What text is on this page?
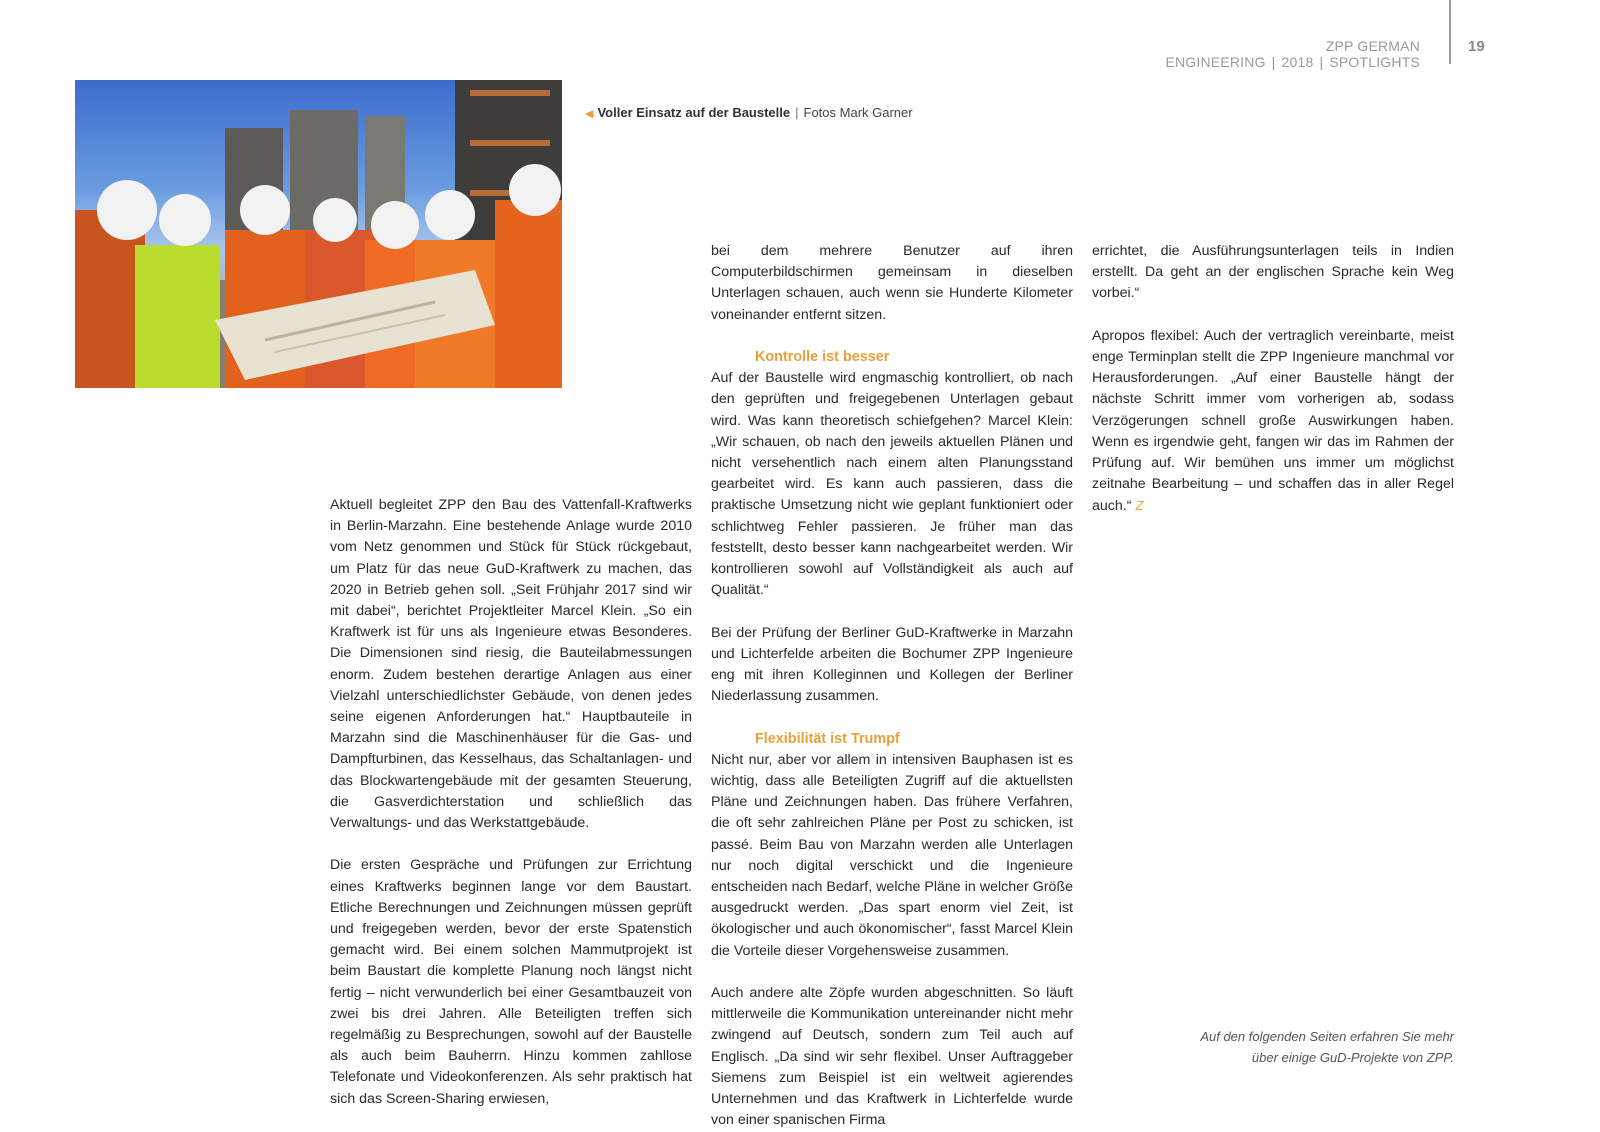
ZPP GERMAN ENGINEERING | 2018 | SPOTLIGHTS
19
◀ Voller Einsatz auf der Baustelle | Fotos Mark Garner

Aktuell begleitet ZPP den Bau des Vattenfall-Kraftwerks in Berlin-Marzahn. Eine bestehende Anlage wurde 2010 vom Netz genommen und Stück für Stück rückgebaut, um Platz für das neue GuD-Kraftwerk zu machen, das 2020 in Betrieb gehen soll. „Seit Frühjahr 2017 sind wir mit dabei“, berichtet Projektleiter Marcel Klein. „So ein Kraftwerk ist für uns als Ingenieure etwas Besonderes. Die Dimensionen sind riesig, die Bauteilabmessungen enorm. Zudem bestehen derartige Anlagen aus einer Vielzahl unterschiedlichster Gebäude, von denen jedes seine eigenen Anforderungen hat.“ Hauptbauteile in Marzahn sind die Maschinenhäuser für die Gas- und Dampfturbinen, das Kesselhaus, das Schaltanlagen- und das Blockwartengebäude mit der gesamten Steuerung, die Gasverdichterstation und schließlich das Verwaltungs- und das Werkstattgebäude.

Die ersten Gespräche und Prüfungen zur Errichtung eines Kraftwerks beginnen lange vor dem Baustart. Etliche Berechnungen und Zeichnungen müssen geprüft und freigegeben werden, bevor der erste Spatenstich gemacht wird. Bei einem solchen Mammutprojekt ist beim Baustart die komplette Planung noch längst nicht fertig – nicht verwunderlich bei einer Gesamtbauzeit von zwei bis drei Jahren. Alle Beteiligten treffen sich regelmäßig zu Besprechungen, sowohl auf der Baustelle als auch beim Bauherrn. Hinzu kommen zahllose Telefonate und Videokonferenzen. Als sehr praktisch hat sich das Screen-Sharing erwiesen,

bei dem mehrere Benutzer auf ihren Computerbildschirmen gemeinsam in dieselben Unterlagen schauen, auch wenn sie Hunderte Kilometer voneinander entfernt sitzen.

Kontrolle ist besser

Auf der Baustelle wird engmaschig kontrolliert, ob nach den geprüften und freigegebenen Unterlagen gebaut wird. Was kann theoretisch schiefgehen? Marcel Klein: „Wir schauen, ob nach den jeweils aktuellen Plänen und nicht versehentlich nach einem alten Planungsstand gearbeitet wird. Es kann auch passieren, dass die praktische Umsetzung nicht wie geplant funktioniert oder schlichtweg Fehler passieren. Je früher man das feststellt, desto besser kann nachgearbeitet werden. Wir kontrollieren sowohl auf Vollständigkeit als auch auf Qualität.“

Bei der Prüfung der Berliner GuD-Kraftwerke in Marzahn und Lichterfelde arbeiten die Bochumer ZPP Ingenieure eng mit ihren Kolleginnen und Kollegen der Berliner Niederlassung zusammen.

Flexibilität ist Trumpf

Nicht nur, aber vor allem in intensiven Bauphasen ist es wichtig, dass alle Beteiligten Zugriff auf die aktuellsten Pläne und Zeichnungen haben. Das frühere Verfahren, die oft sehr zahlreichen Pläne per Post zu schicken, ist passé. Beim Bau von Marzahn werden alle Unterlagen nur noch digital verschickt und die Ingenieure entscheiden nach Bedarf, welche Pläne in welcher Größe ausgedruckt werden. „Das spart enorm viel Zeit, ist ökologischer und auch ökonomischer“, fasst Marcel Klein die Vorteile dieser Vorgehensweise zusammen.

Auch andere alte Zöpfe wurden abgeschnitten. So läuft mittlerweile die Kommunikation untereinander nicht mehr zwingend auf Deutsch, sondern zum Teil auch auf Englisch. „Da sind wir sehr flexibel. Unser Auftraggeber Siemens zum Beispiel ist ein weltweit agierendes Unternehmen und das Kraftwerk in Lichterfelde wurde von einer spanischen Firma

errichtet, die Ausführungsunterlagen teils in Indien erstellt. Da geht an der englischen Sprache kein Weg vorbei.“

Apropos flexibel: Auch der vertraglich vereinbarte, meist enge Terminplan stellt die ZPP Ingenieure manchmal vor Herausforderungen. „Auf einer Baustelle hängt der nächste Schritt immer vom vorherigen ab, sodass Verzögerungen schnell große Auswirkungen haben. Wenn es irgendwie geht, fangen wir das im Rahmen der Prüfung auf. Wir bemühen uns immer um möglichst zeitnahe Bearbeitung – und schaffen das in aller Regel auch.“ Z

Auf den folgenden Seiten erfahren Sie mehr
über einige GuD-Projekte von ZPP.
